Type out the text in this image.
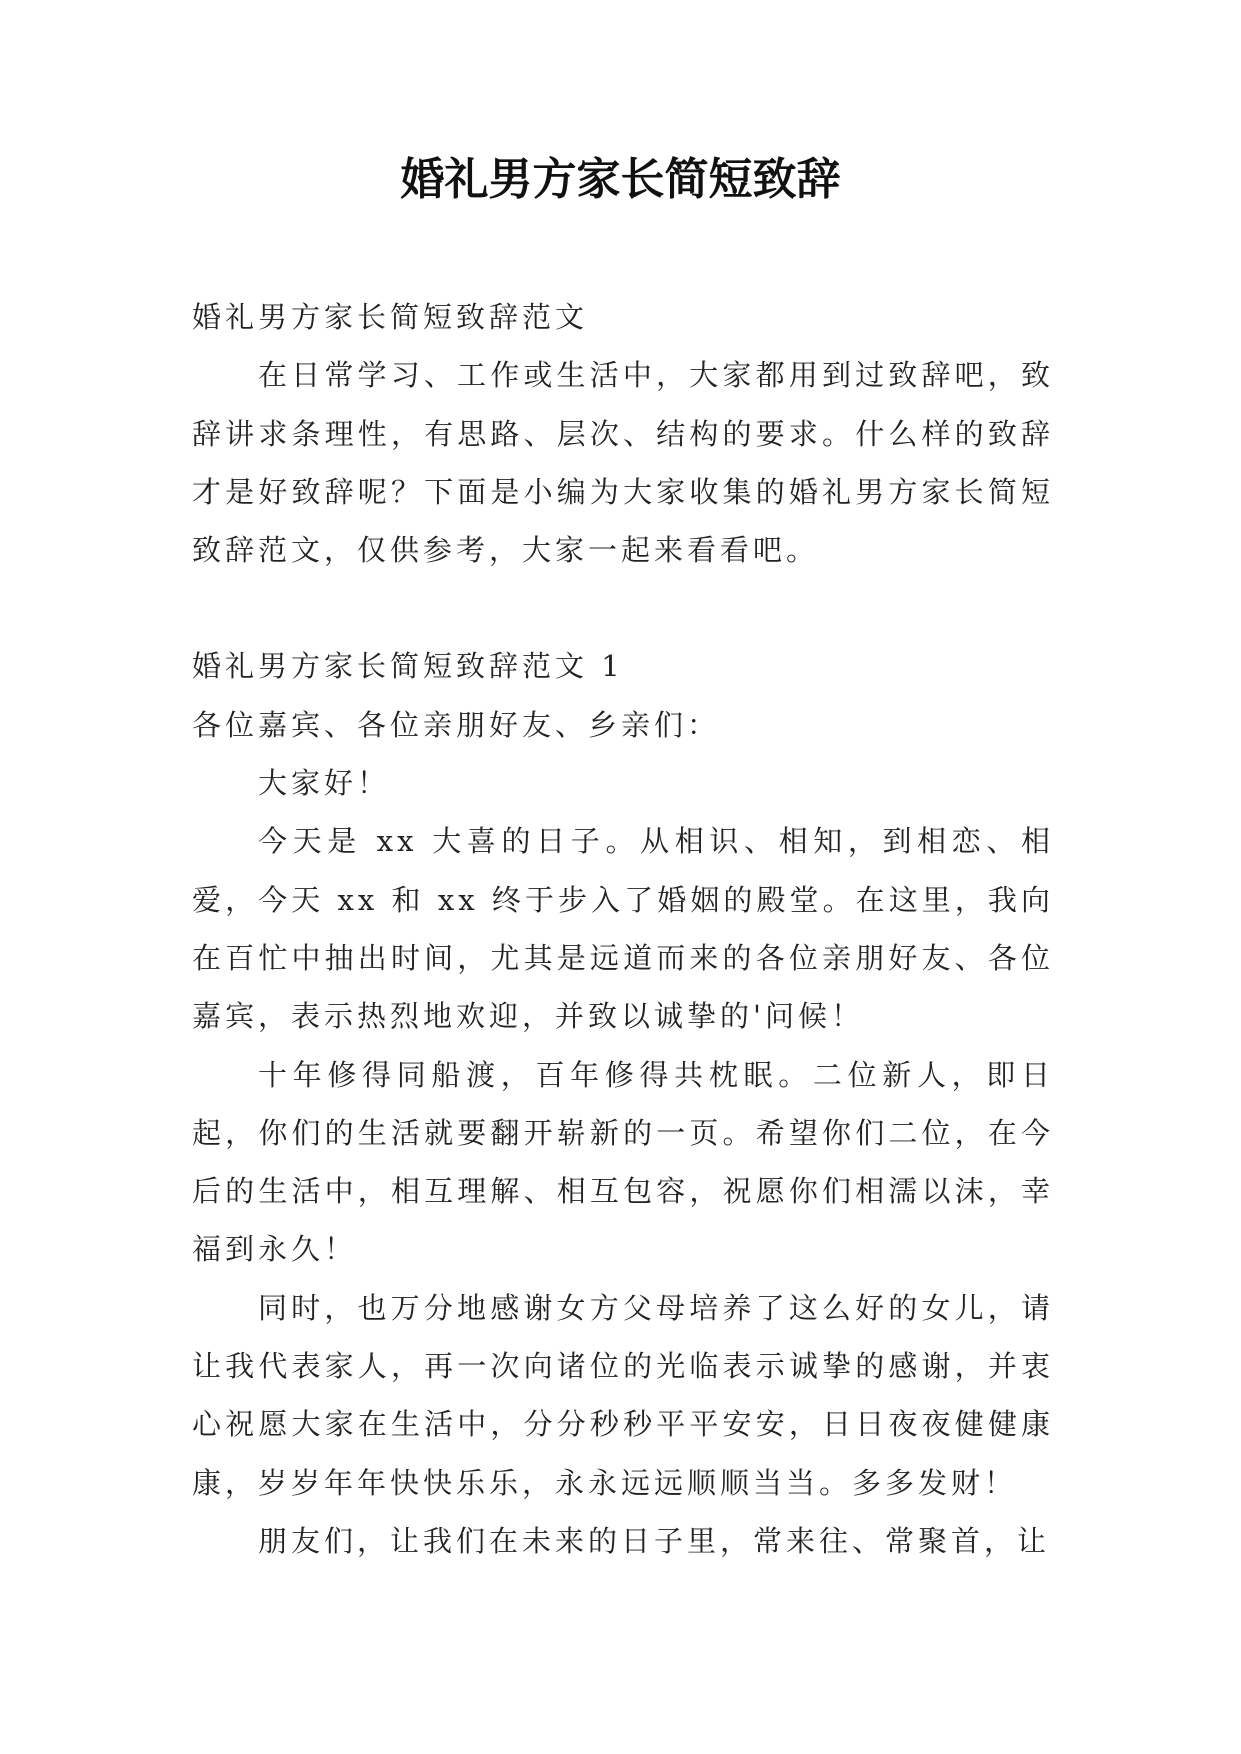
婚礼男方家长简短致辞

婚礼男方家长简短致辞范文

在日常学习、工作或生活中，大家都用到过致辞吧，致辞讲求条理性，有思路、层次、结构的要求。什么样的致辞才是好致辞呢？下面是小编为大家收集的婚礼男方家长简短致辞范文，仅供参考，大家一起来看看吧。

婚礼男方家长简短致辞范文 1

各位嘉宾、各位亲朋好友、乡亲们：

大家好！

今天是 xx 大喜的日子。从相识、相知，到相恋、相爱，今天 xx 和 xx 终于步入了婚姻的殿堂。在这里，我向在百忙中抽出时间，尤其是远道而来的各位亲朋好友、各位嘉宾，表示热烈地欢迎，并致以诚挚的'问候！

十年修得同船渡，百年修得共枕眠。二位新人，即日起，你们的生活就要翻开崭新的一页。希望你们二位，在今后的生活中，相互理解、相互包容，祝愿你们相濡以沫，幸福到永久！

同时，也万分地感谢女方父母培养了这么好的女儿，请让我代表家人，再一次向诸位的光临表示诚挚的感谢，并衷心祝愿大家在生活中，分分秒秒平平安安，日日夜夜健健康康，岁岁年年快快乐乐，永永远远顺顺当当。多多发财！

朋友们，让我们在未来的日子里，常来往、常聚首，让
